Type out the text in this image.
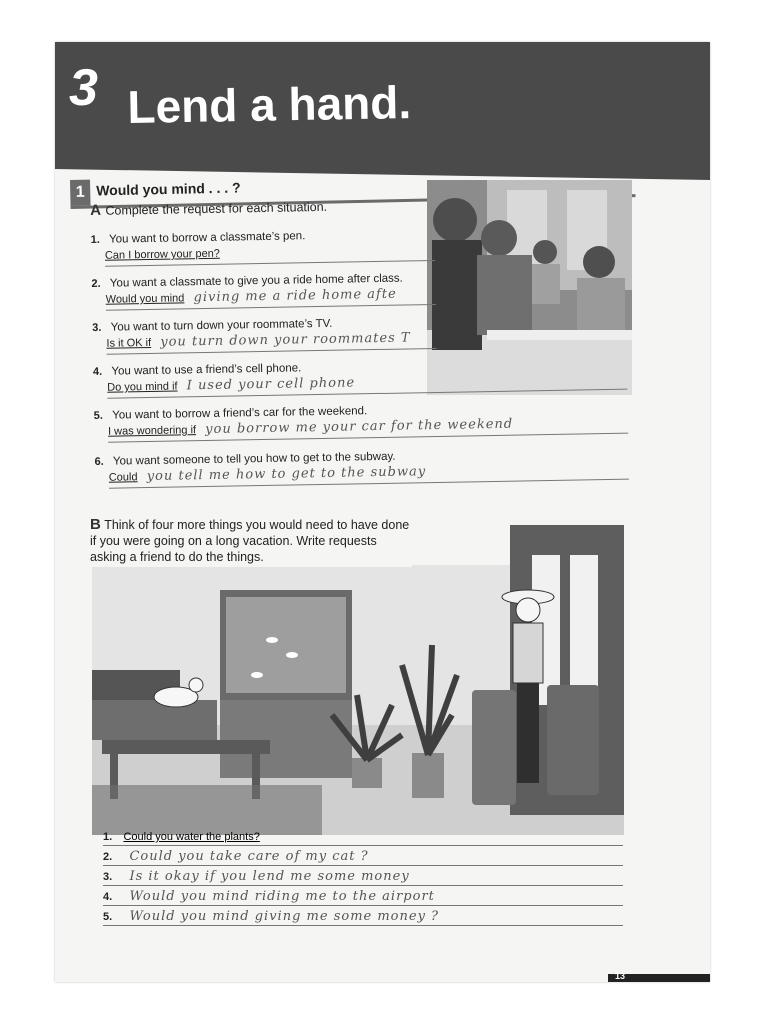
3 Lend a hand.
1 Would you mind . . . ?
A Complete the request for each situation.
1. You want to borrow a classmate’s pen.
Can I borrow your pen?
2. You want a classmate to give you a ride home after class.
Would you mind giving me a ride home afte
3. You want to turn down your roommate’s TV.
Is it OK if you turn down your roommates T
4. You want to use a friend’s cell phone.
Do you mind if I used your cell phone
5. You want to borrow a friend’s car for the weekend.
I was wondering if you borrow me your car for the weekend
6. You want someone to tell you how to get to the subway.
Could you tell me how to get to the subway
B Think of four more things you would need to have done if you were going on a long vacation. Write requests asking a friend to do the things.
1. Could you water the plants?
2. Could you take care of my cat ?
3. Is it okay if you lend me some money
4. Would you mind riding me to the airport
5. Would you mind giving me some money ?
13
